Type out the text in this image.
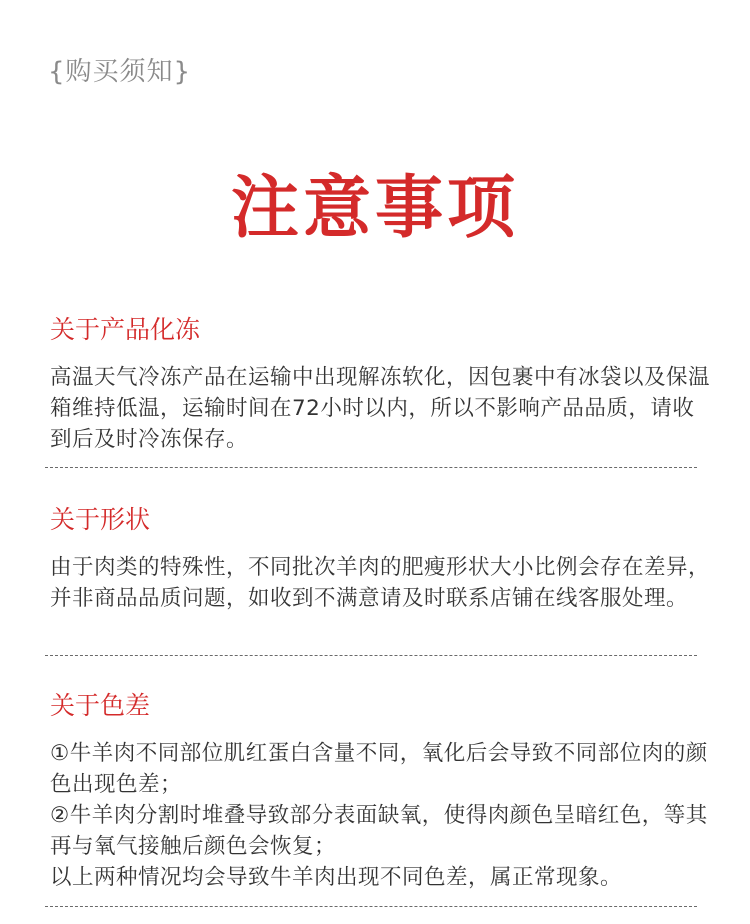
{购买须知}
注意事项
关于产品化冻

高温天气冷冻产品在运输中出现解冻软化，因包裹中有冰袋以及保温箱维持低温，运输时间在72小时以内，所以不影响产品品质，请收到后及时冷冻保存。

关于形状

由于肉类的特殊性，不同批次羊肉的肥瘦形状大小比例会存在差异，并非商品品质问题，如收到不满意请及时联系店铺在线客服处理。

关于色差

①牛羊肉不同部位肌红蛋白含量不同，氧化后会导致不同部位肉的颜色出现色差；

②牛羊肉分割时堆叠导致部分表面缺氧，使得肉颜色呈暗红色，等其再与氧气接触后颜色会恢复；

以上两种情况均会导致牛羊肉出现不同色差，属正常现象。
